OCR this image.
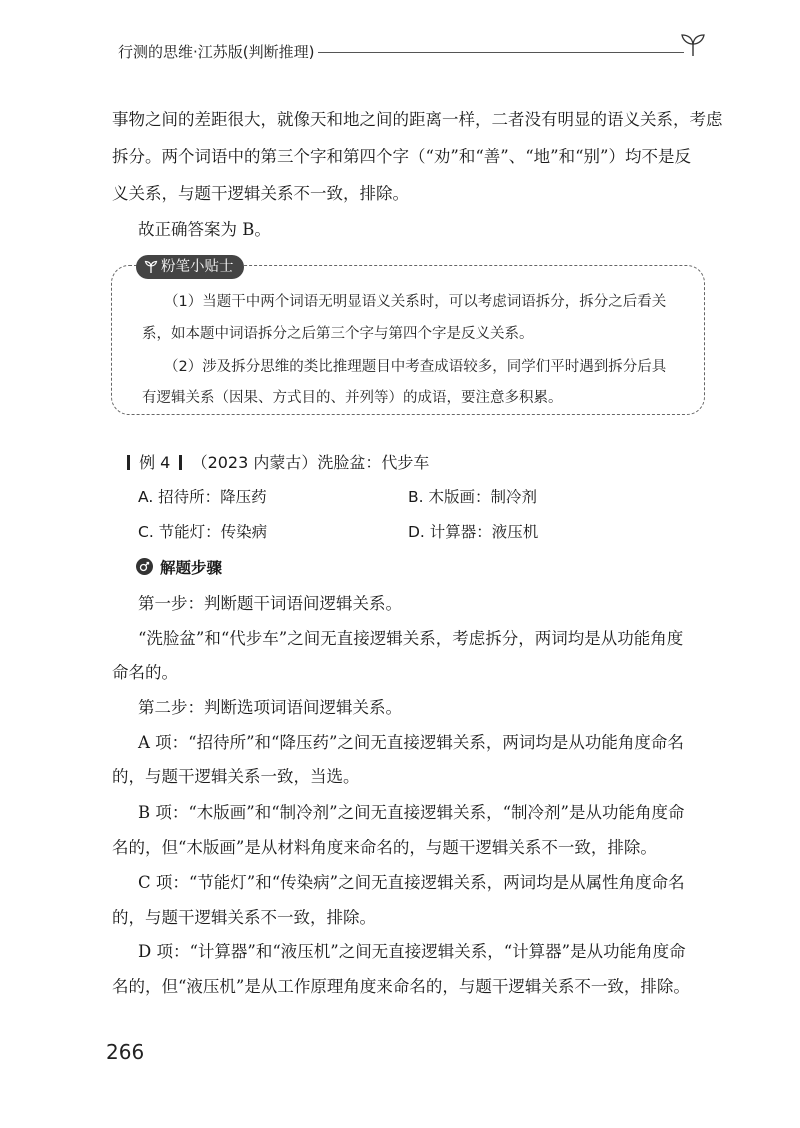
行测的思维·江苏版(判断推理)
事物之间的差距很大，就像天和地之间的距离一样，二者没有明显的语义关系，考虑
拆分。两个词语中的第三个字和第四个字（“劝”和“善”、“地”和“别”）均不是反
义关系，与题干逻辑关系不一致，排除。
故正确答案为 B。
粉笔小贴士
（1）当题干中两个词语无明显语义关系时，可以考虑词语拆分，拆分之后看关
系，如本题中词语拆分之后第三个字与第四个字是反义关系。
（2）涉及拆分思维的类比推理题目中考查成语较多，同学们平时遇到拆分后具
有逻辑关系（因果、方式目的、并列等）的成语，要注意多积累。
例 4 （2023 内蒙古）洗脸盆：代步车
A. 招待所：降压药	B. 木版画：制冷剂
C. 节能灯：传染病	D. 计算器：液压机
解题步骤
第一步：判断题干词语间逻辑关系。
“洗脸盆”和“代步车”之间无直接逻辑关系，考虑拆分，两词均是从功能角度
命名的。
第二步：判断选项词语间逻辑关系。
A 项：“招待所”和“降压药”之间无直接逻辑关系，两词均是从功能角度命名
的，与题干逻辑关系一致，当选。
B 项：“木版画”和“制冷剂”之间无直接逻辑关系，“制冷剂”是从功能角度命
名的，但“木版画”是从材料角度来命名的，与题干逻辑关系不一致，排除。
C 项：“节能灯”和“传染病”之间无直接逻辑关系，两词均是从属性角度命名
的，与题干逻辑关系不一致，排除。
D 项：“计算器”和“液压机”之间无直接逻辑关系，“计算器”是从功能角度命
名的，但“液压机”是从工作原理角度来命名的，与题干逻辑关系不一致，排除。
266
